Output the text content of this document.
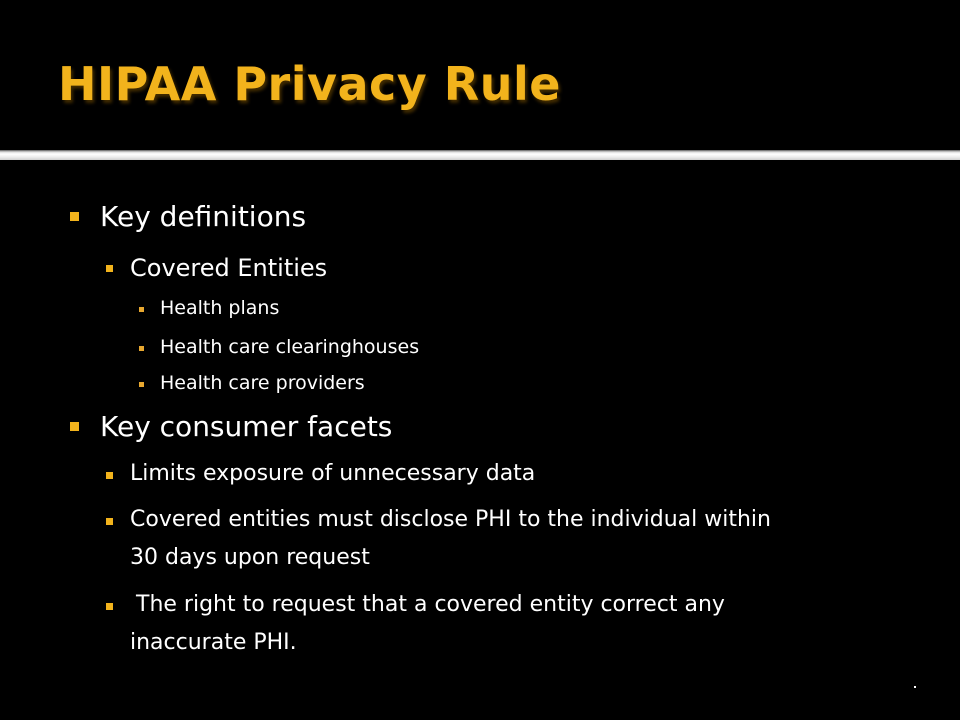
HIPAA Privacy Rule
Key definitions
Covered Entities
Health plans
Health care clearinghouses
Health care providers
Key consumer facets
Limits exposure of unnecessary data
Covered entities must disclose PHI to the individual within
30 days upon request
The right to request that a covered entity correct any
inaccurate PHI.
